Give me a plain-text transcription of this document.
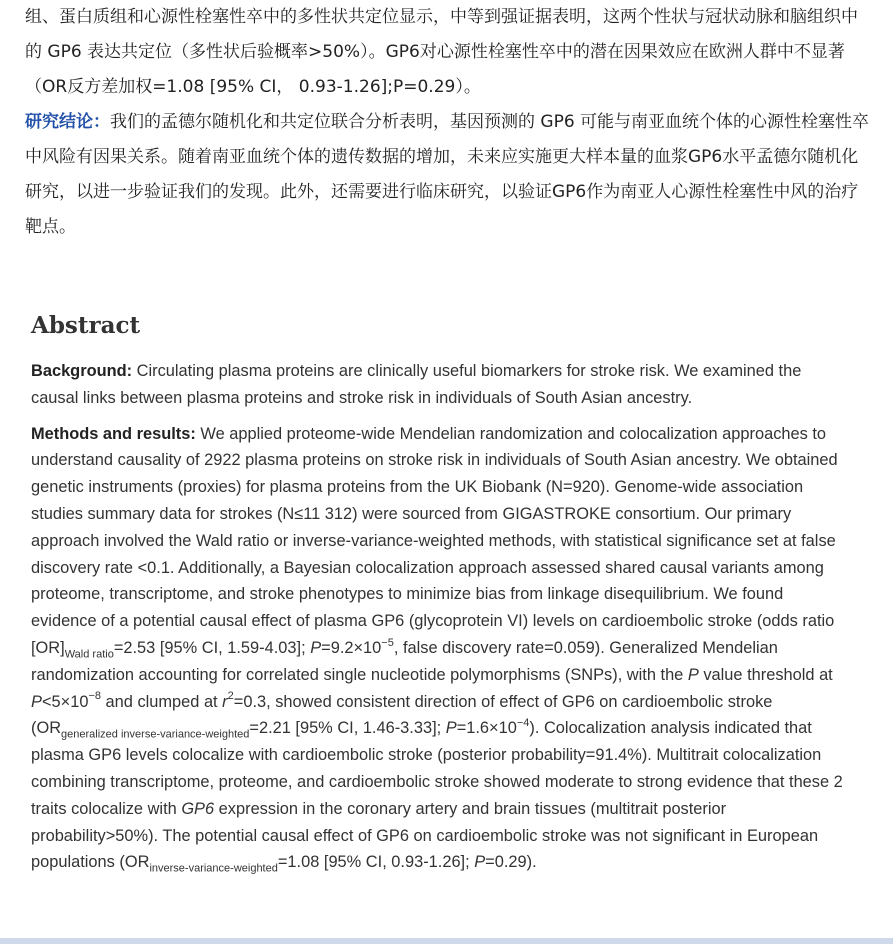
组、蛋白质组和心源性栓塞性卒中的多性状共定位显示，中等到强证据表明，这两个性状与冠状动脉和脑组织中的 GP6 表达共定位（多性状后验概率>50%）。GP6对心源性栓塞性卒中的潜在因果效应在欧洲人群中不显著（OR反方差加权=1.08 [95% CI， 0.93-1.26];P=0.29）。

研究结论：我们的孟德尔随机化和共定位联合分析表明，基因预测的 GP6 可能与南亚血统个体的心源性栓塞性卒中风险有因果关系。随着南亚血统个体的遗传数据的增加，未来应实施更大样本量的血浆GP6水平孟德尔随机化研究，以进一步验证我们的发现。此外，还需要进行临床研究，以验证GP6作为南亚人心源性栓塞性中风的治疗靶点。

Abstract

Background: Circulating plasma proteins are clinically useful biomarkers for stroke risk. We examined the causal links between plasma proteins and stroke risk in individuals of South Asian ancestry.

Methods and results: We applied proteome-wide Mendelian randomization and colocalization approaches to understand causality of 2922 plasma proteins on stroke risk in individuals of South Asian ancestry. We obtained genetic instruments (proxies) for plasma proteins from the UK Biobank (N=920). Genome-wide association studies summary data for strokes (N≤11 312) were sourced from GIGASTROKE consortium. Our primary approach involved the Wald ratio or inverse-variance-weighted methods, with statistical significance set at false discovery rate <0.1. Additionally, a Bayesian colocalization approach assessed shared causal variants among proteome, transcriptome, and stroke phenotypes to minimize bias from linkage disequilibrium. We found evidence of a potential causal effect of plasma GP6 (glycoprotein VI) levels on cardioembolic stroke (odds ratio $[OR]_{Wald ratio}=2.53$ [95% CI, 1.59-4.03]; $P=9.2\times 10^{-5}$, false discovery rate=0.059). Generalized Mendelian randomization accounting for correlated single nucleotide polymorphisms (SNPs), with the P value threshold at $P<5\times 10^{-8}$ and clumped at $r^2=0.3$, showed consistent direction of effect of GP6 on cardioembolic stroke ($OR_{generalized inverse-variance-weighted}=2.21$ [95% CI, 1.46-3.33]; $P=1.6\times 10^{-4}$). Colocalization analysis indicated that plasma GP6 levels colocalize with cardioembolic stroke (posterior probability=91.4%). Multitrait colocalization combining transcriptome, proteome, and cardioembolic stroke showed moderate to strong evidence that these 2 traits colocalize with GP6 expression in the coronary artery and brain tissues (multitrait posterior probability>50%). The potential causal effect of GP6 on cardioembolic stroke was not significant in European populations ($OR_{inverse-variance-weighted}=1.08$ [95% CI, 0.93-1.26]; P=0.29).
